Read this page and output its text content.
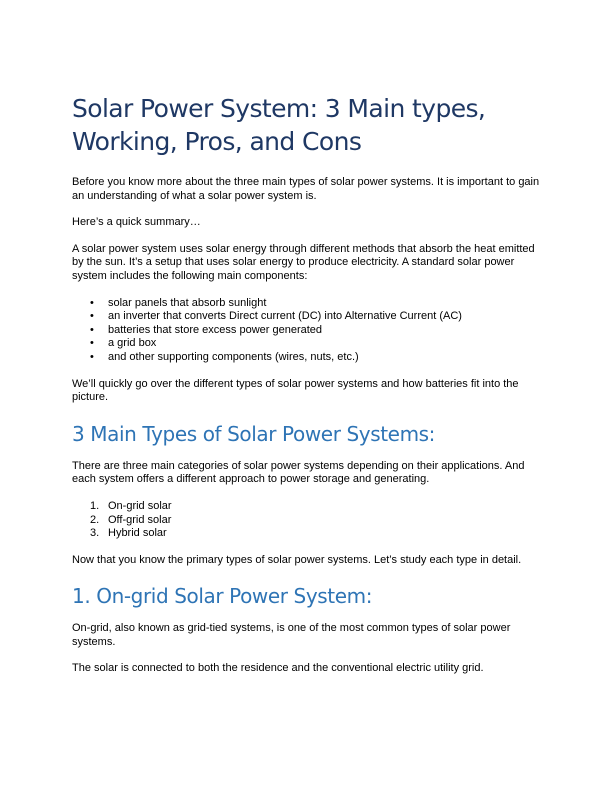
Solar Power System: 3 Main types, Working, Pros, and Cons

Before you know more about the three main types of solar power systems. It is important to gain an understanding of what a solar power system is.

Here’s a quick summary…

A solar power system uses solar energy through different methods that absorb the heat emitted by the sun. It’s a setup that uses solar energy to produce electricity. A standard solar power system includes the following main components:

• solar panels that absorb sunlight
• an inverter that converts Direct current (DC) into Alternative Current (AC)
• batteries that store excess power generated
• a grid box
• and other supporting components (wires, nuts, etc.)

We’ll quickly go over the different types of solar power systems and how batteries fit into the picture.

3 Main Types of Solar Power Systems:

There are three main categories of solar power systems depending on their applications. And each system offers a different approach to power storage and generating.

1. On-grid solar
2. Off-grid solar
3. Hybrid solar

Now that you know the primary types of solar power systems. Let’s study each type in detail.

1. On-grid Solar Power System:

On-grid, also known as grid-tied systems, is one of the most common types of solar power systems.

The solar is connected to both the residence and the conventional electric utility grid.
